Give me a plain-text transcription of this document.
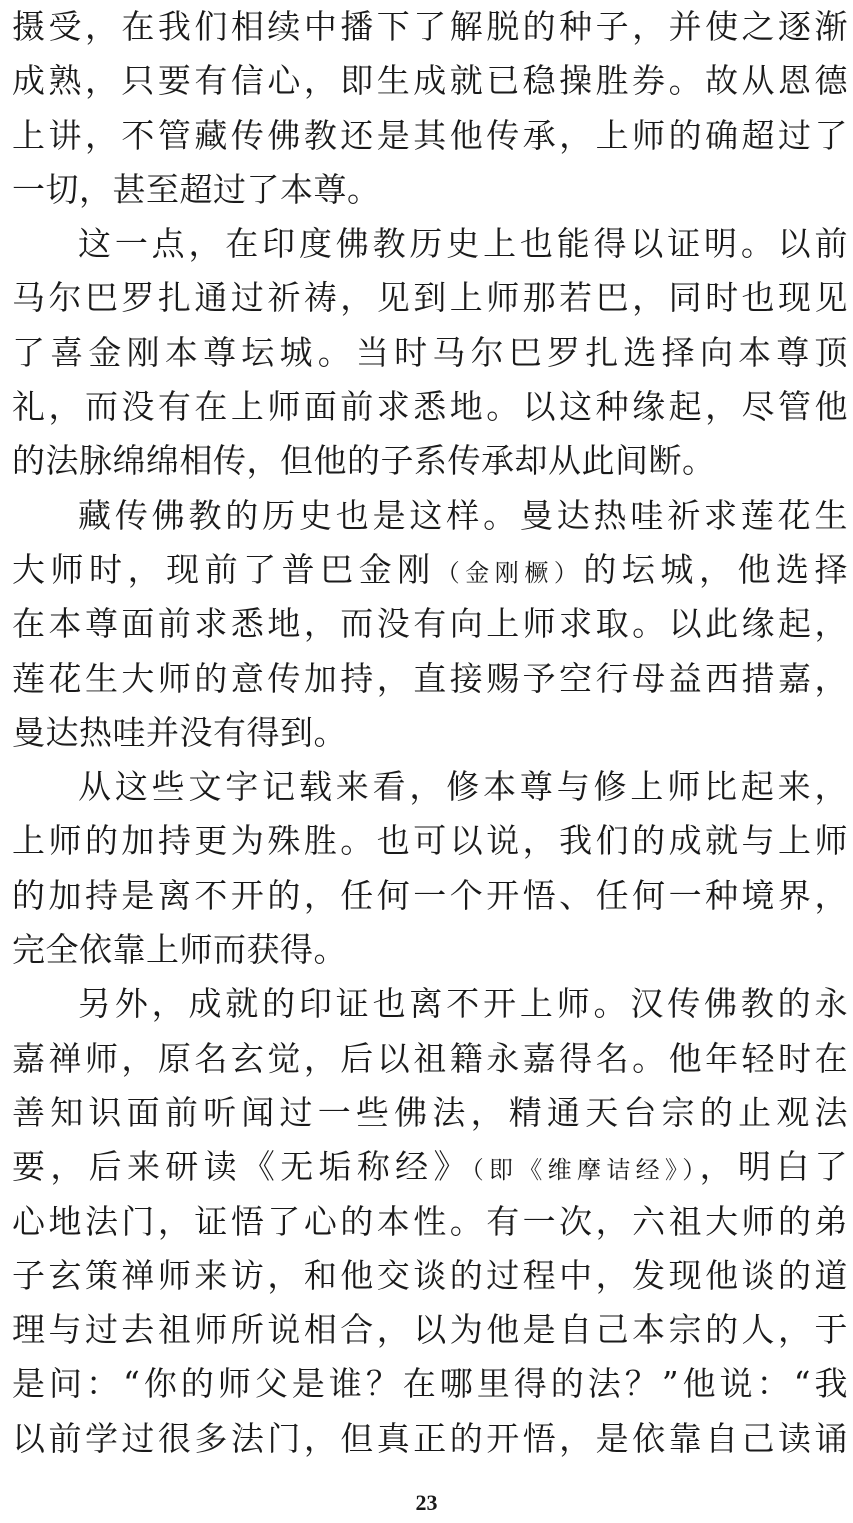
摄受，在我们相续中播下了解脱的种子，并使之逐渐
成熟，只要有信心，即生成就已稳操胜券。故从恩德
上讲，不管藏传佛教还是其他传承，上师的确超过了
一切，甚至超过了本尊。
这一点，在印度佛教历史上也能得以证明。以前
马尔巴罗扎通过祈祷，见到上师那若巴，同时也现见
了喜金刚本尊坛城。当时马尔巴罗扎选择向本尊顶
礼，而没有在上师面前求悉地。以这种缘起，尽管他
的法脉绵绵相传，但他的子系传承却从此间断。
藏传佛教的历史也是这样。曼达热哇祈求莲花生
大师时，现前了普巴金刚（金刚橛）的坛城，他选择
在本尊面前求悉地，而没有向上师求取。以此缘起，
莲花生大师的意传加持，直接赐予空行母益西措嘉，
曼达热哇并没有得到。
从这些文字记载来看，修本尊与修上师比起来，
上师的加持更为殊胜。也可以说，我们的成就与上师
的加持是离不开的，任何一个开悟、任何一种境界，
完全依靠上师而获得。
另外，成就的印证也离不开上师。汉传佛教的永
嘉禅师，原名玄觉，后以祖籍永嘉得名。他年轻时在
善知识面前听闻过一些佛法，精通天台宗的止观法
要，后来研读《无垢称经》（即《维摩诘经》），明白了
心地法门，证悟了心的本性。有一次，六祖大师的弟
子玄策禅师来访，和他交谈的过程中，发现他谈的道
理与过去祖师所说相合，以为他是自己本宗的人，于
是问：“你的师父是谁？在哪里得的法？”他说：“我
以前学过很多法门，但真正的开悟，是依靠自己读诵
23
